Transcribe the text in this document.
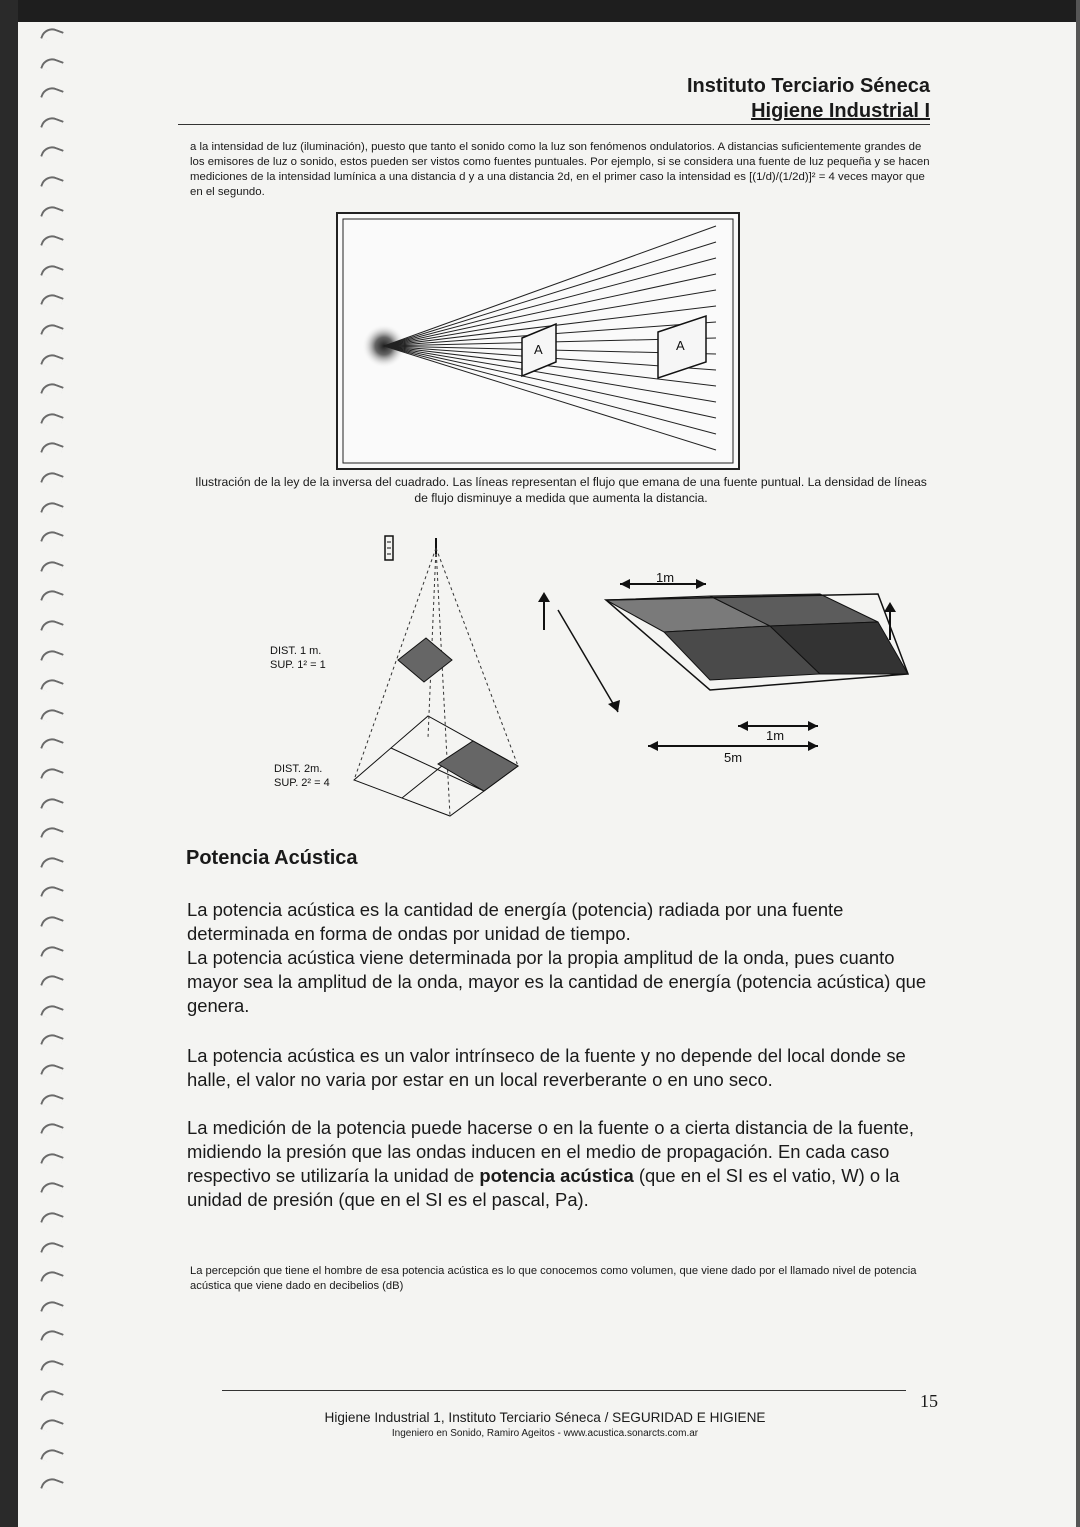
Instituto Terciario Séneca
Higiene Industrial I
a la intensidad de luz (iluminación), puesto que tanto el sonido como la luz son fenómenos ondulatorios. A distancias suficientemente grandes de los emisores de luz o sonido, estos pueden ser vistos como fuentes puntuales. Por ejemplo, si se considera una fuente de luz pequeña y se hacen mediciones de la intensidad lumínica a una distancia d y a una distancia 2d, en el primer caso la intensidad es [(1/d)/(1/2d)]² = 4 veces mayor que en el segundo.
A	A
Ilustración de la ley de la inversa del cuadrado. Las líneas representan el flujo que emana de una fuente puntual. La densidad de líneas de flujo disminuye a medida que aumenta la distancia.
DIST. 1 m.
SUP. 1² = 1
DIST. 2m.
SUP. 2² = 4
1m
1m
5m
Potencia Acústica

La potencia acústica es la cantidad de energía (potencia) radiada por una fuente determinada en forma de ondas por unidad de tiempo.

La potencia acústica viene determinada por la propia amplitud de la onda, pues cuanto mayor sea la amplitud de la onda, mayor es la cantidad de energía (potencia acústica) que genera.

La potencia acústica es un valor intrínseco de la fuente y no depende del local donde se halle, el valor no varia por estar en un local reverberante o en uno seco.

La medición de la potencia puede hacerse o en la fuente o a cierta distancia de la fuente, midiendo la presión que las ondas inducen en el medio de propagación. En cada caso respectivo se utilizaría la unidad de potencia acústica (que en el SI es el vatio, W) o la unidad de presión (que en el SI es el pascal, Pa).

La percepción que tiene el hombre de esa potencia acústica es lo que conocemos como volumen, que viene dado por el llamado nivel de potencia acústica que viene dado en decibelios (dB)
15
Higiene Industrial 1, Instituto Terciario Séneca / SEGURIDAD E HIGIENE
Ingeniero en Sonido, Ramiro Ageitos - www.acustica.sonarcts.com.ar
